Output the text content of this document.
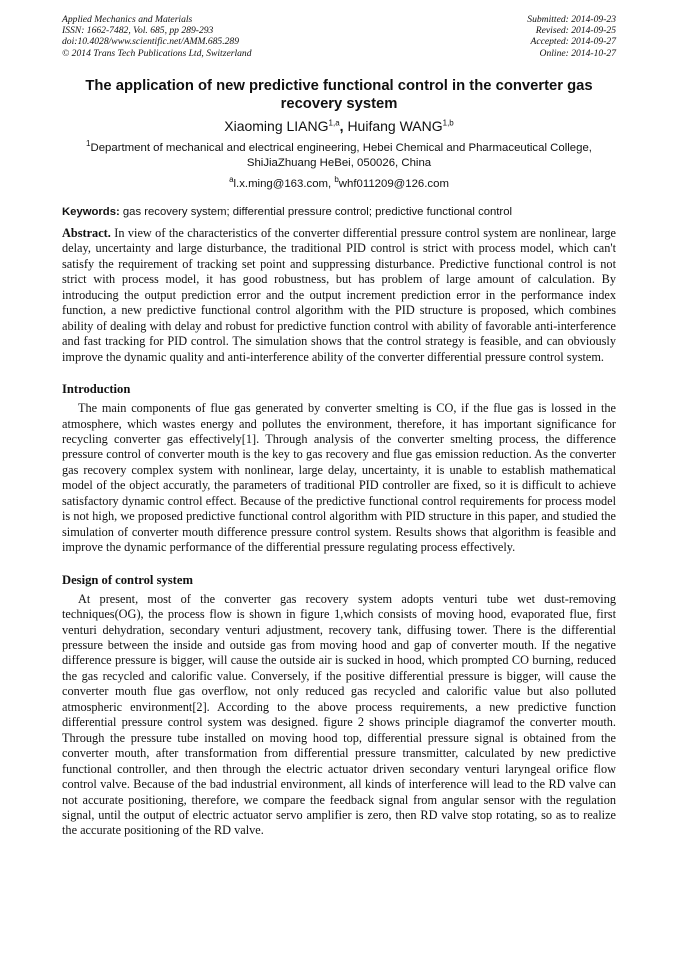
Applied Mechanics and Materials
ISSN: 1662-7482, Vol. 685, pp 289-293
doi:10.4028/www.scientific.net/AMM.685.289
© 2014 Trans Tech Publications Ltd, Switzerland
Submitted: 2014-09-23
Revised: 2014-09-25
Accepted: 2014-09-27
Online: 2014-10-27
The application of new predictive functional control in the converter gas recovery system
Xiaoming LIANG$^{1,a}$, Huifang WANG$^{1,b}$
$^1$Department of mechanical and electrical engineering, Hebei Chemical and Pharmaceutical College, ShiJiaZhuang HeBei, 050026, China
$^a$l.x.ming@163.com, $^b$whf011209@126.com
Keywords: gas recovery system; differential pressure control; predictive functional control
Abstract. In view of the characteristics of the converter differential pressure control system are nonlinear, large delay, uncertainty and large disturbance, the traditional PID control is strict with process model, which can't satisfy the requirement of tracking set point and suppressing disturbance. Predictive functional control is not strict with process model, it has good robustness, but has problem of large amount of calculation. By introducing the output prediction error and the output increment prediction error in the performance index function, a new predictive functional control algorithm with the PID structure is proposed, which combines ability of dealing with delay and robust for predictive function control with ability of favorable anti-interference and fast tracking for PID control. The simulation shows that the control strategy is feasible, and can obviously improve the dynamic quality and anti-interference ability of the converter differential pressure control system.
Introduction

The main components of flue gas generated by converter smelting is CO, if the flue gas is lossed in the atmosphere, which wastes energy and pollutes the environment, therefore, it has important significance for recycling converter gas effectively[1]. Through analysis of the converter smelting process, the difference pressure control of converter mouth is the key to gas recovery and flue gas emission reduction. As the converter gas recovery complex system with nonlinear, large delay, uncertainty, it is unable to establish mathematical model of the object accuratly, the parameters of traditional PID controller are fixed, so it is difficult to achieve satisfactory dynamic control effect. Because of the predictive functional control requirements for process model is not high, we proposed predictive functional control algorithm with PID structure in this paper, and studied the simulation of converter mouth difference pressure control system. Results shows that algorithm is feasible and improve the dynamic performance of the differential pressure regulating process effectively.

Design of control system

At present, most of the converter gas recovery system adopts venturi tube wet dust-removing techniques(OG), the process flow is shown in figure 1,which consists of moving hood, evaporated flue, first venturi dehydration, secondary venturi adjustment, recovery tank, diffusing tower. There is the differential pressure between the inside and outside gas from moving hood and gap of converter mouth. If the negative difference pressure is bigger, will cause the outside air is sucked in hood, which prompted CO burning, reduced the gas recycled and calorific value. Conversely, if the positive differential pressure is bigger, will cause the converter mouth flue gas overflow, not only reduced gas recycled and calorific value but also polluted atmospheric environment[2]. According to the above process requirements, a new predictive function differential pressure control system was designed. figure 2 shows principle diagramof the converter mouth. Through the pressure tube installed on moving hood top, differential pressure signal is obtained from the converter mouth, after transformation from differential pressure transmitter, calculated by new predictive functional controller, and then through the electric actuator driven secondary venturi laryngeal orifice flow control valve. Because of the bad industrial environment, all kinds of interference will lead to the RD valve can not accurate positioning, therefore, we compare the feedback signal from angular sensor with the regulation signal, until the output of electric actuator servo amplifier is zero, then RD valve stop rotating, so as to realize the accurate positioning of the RD valve.
